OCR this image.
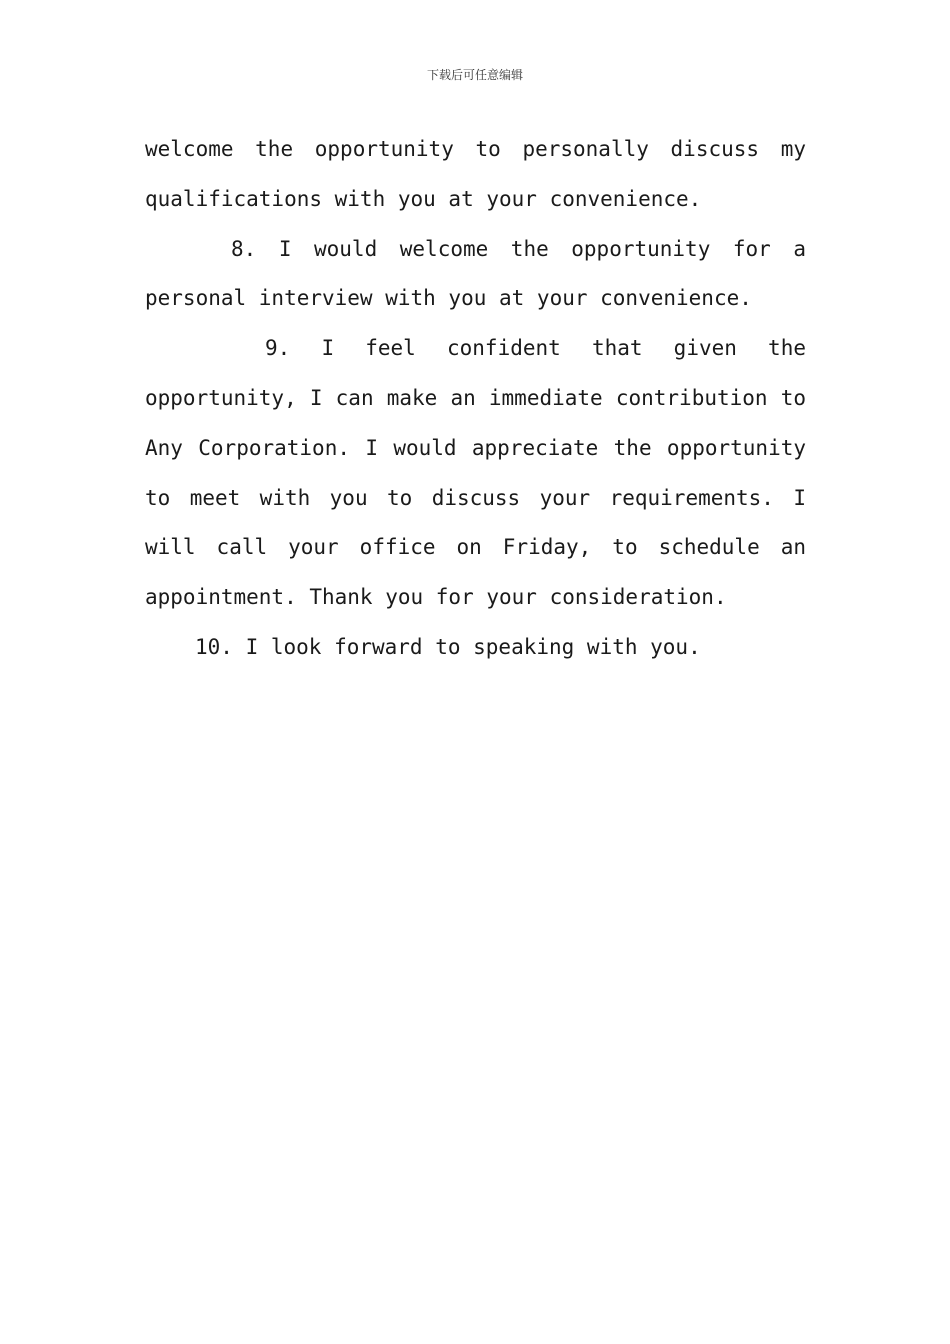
下载后可任意编辑

welcome the opportunity to personally discuss my qualifications with you at your convenience.

8. I would welcome the opportunity for a personal interview with you at your convenience.

9. I feel confident that given the opportunity, I can make an immediate contribution to Any Corporation. I would appreciate the opportunity to meet with you to discuss your requirements. I will call your office on Friday, to schedule an appointment. Thank you for your consideration.

10. I look forward to speaking with you.
